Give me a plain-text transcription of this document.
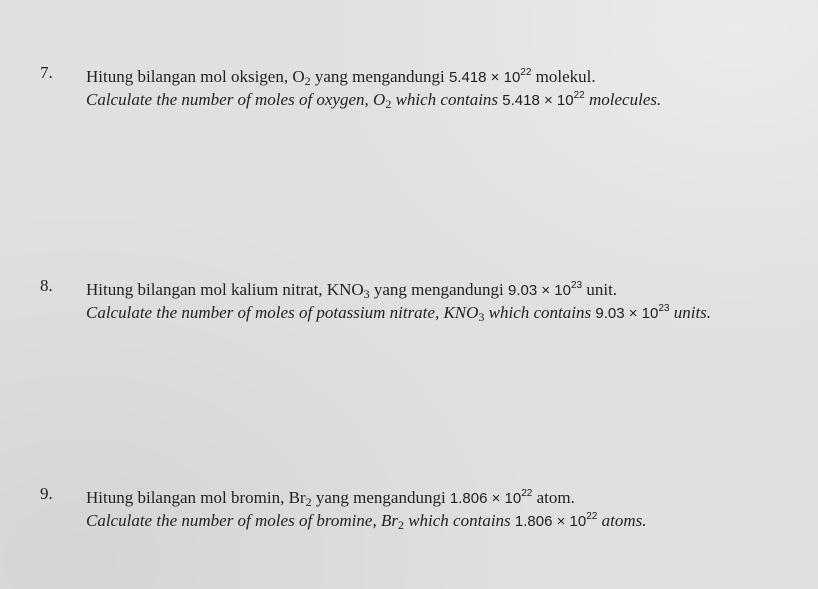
7. Hitung bilangan mol oksigen, $O_2$ yang mengandungi $5.418 \times 10^{22}$ molekul.
Calculate the number of moles of oxygen, $O_2$ which contains $5.418 \times 10^{22}$ molecules.
8. Hitung bilangan mol kalium nitrat, $KNO_3$ yang mengandungi $9.03 \times 10^{23}$ unit.
Calculate the number of moles of potassium nitrate, $KNO_3$ which contains $9.03 \times 10^{23}$ units.
9. Hitung bilangan mol bromin, $Br_2$ yang mengandungi $1.806 \times 10^{22}$ atom.
Calculate the number of moles of bromine, $Br_2$ which contains $1.806 \times 10^{22}$ atoms.
